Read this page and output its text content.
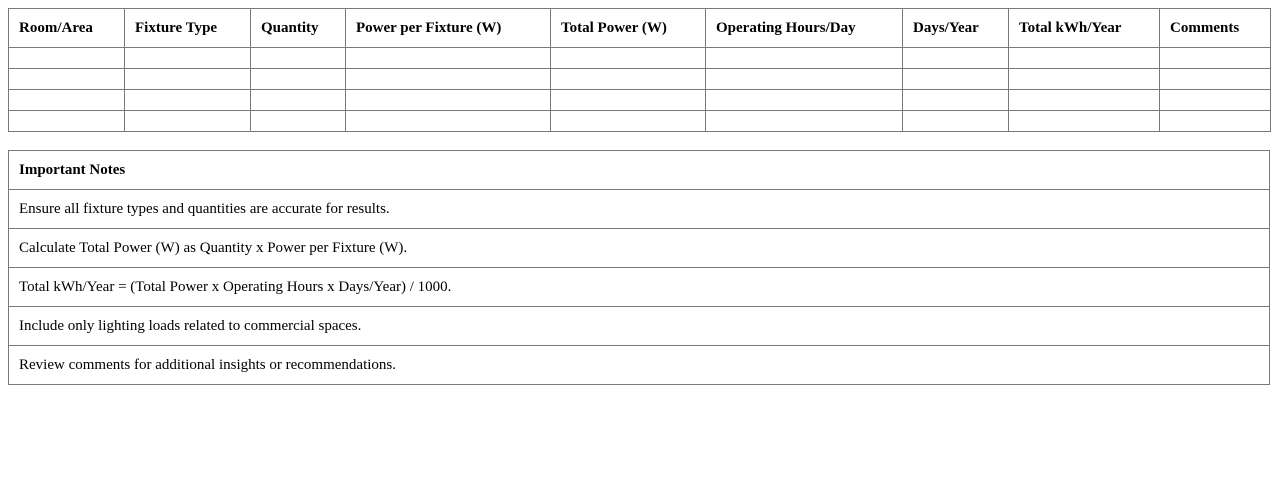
Room/Area	Fixture Type	Quantity	Power per Fixture (W)	Total Power (W)	Operating Hours/Day	Days/Year	Total kWh/Year	Comments

Important Notes
Ensure all fixture types and quantities are accurate for results.
Calculate Total Power (W) as Quantity x Power per Fixture (W).
Total kWh/Year = (Total Power x Operating Hours x Days/Year) / 1000.
Include only lighting loads related to commercial spaces.
Review comments for additional insights or recommendations.
